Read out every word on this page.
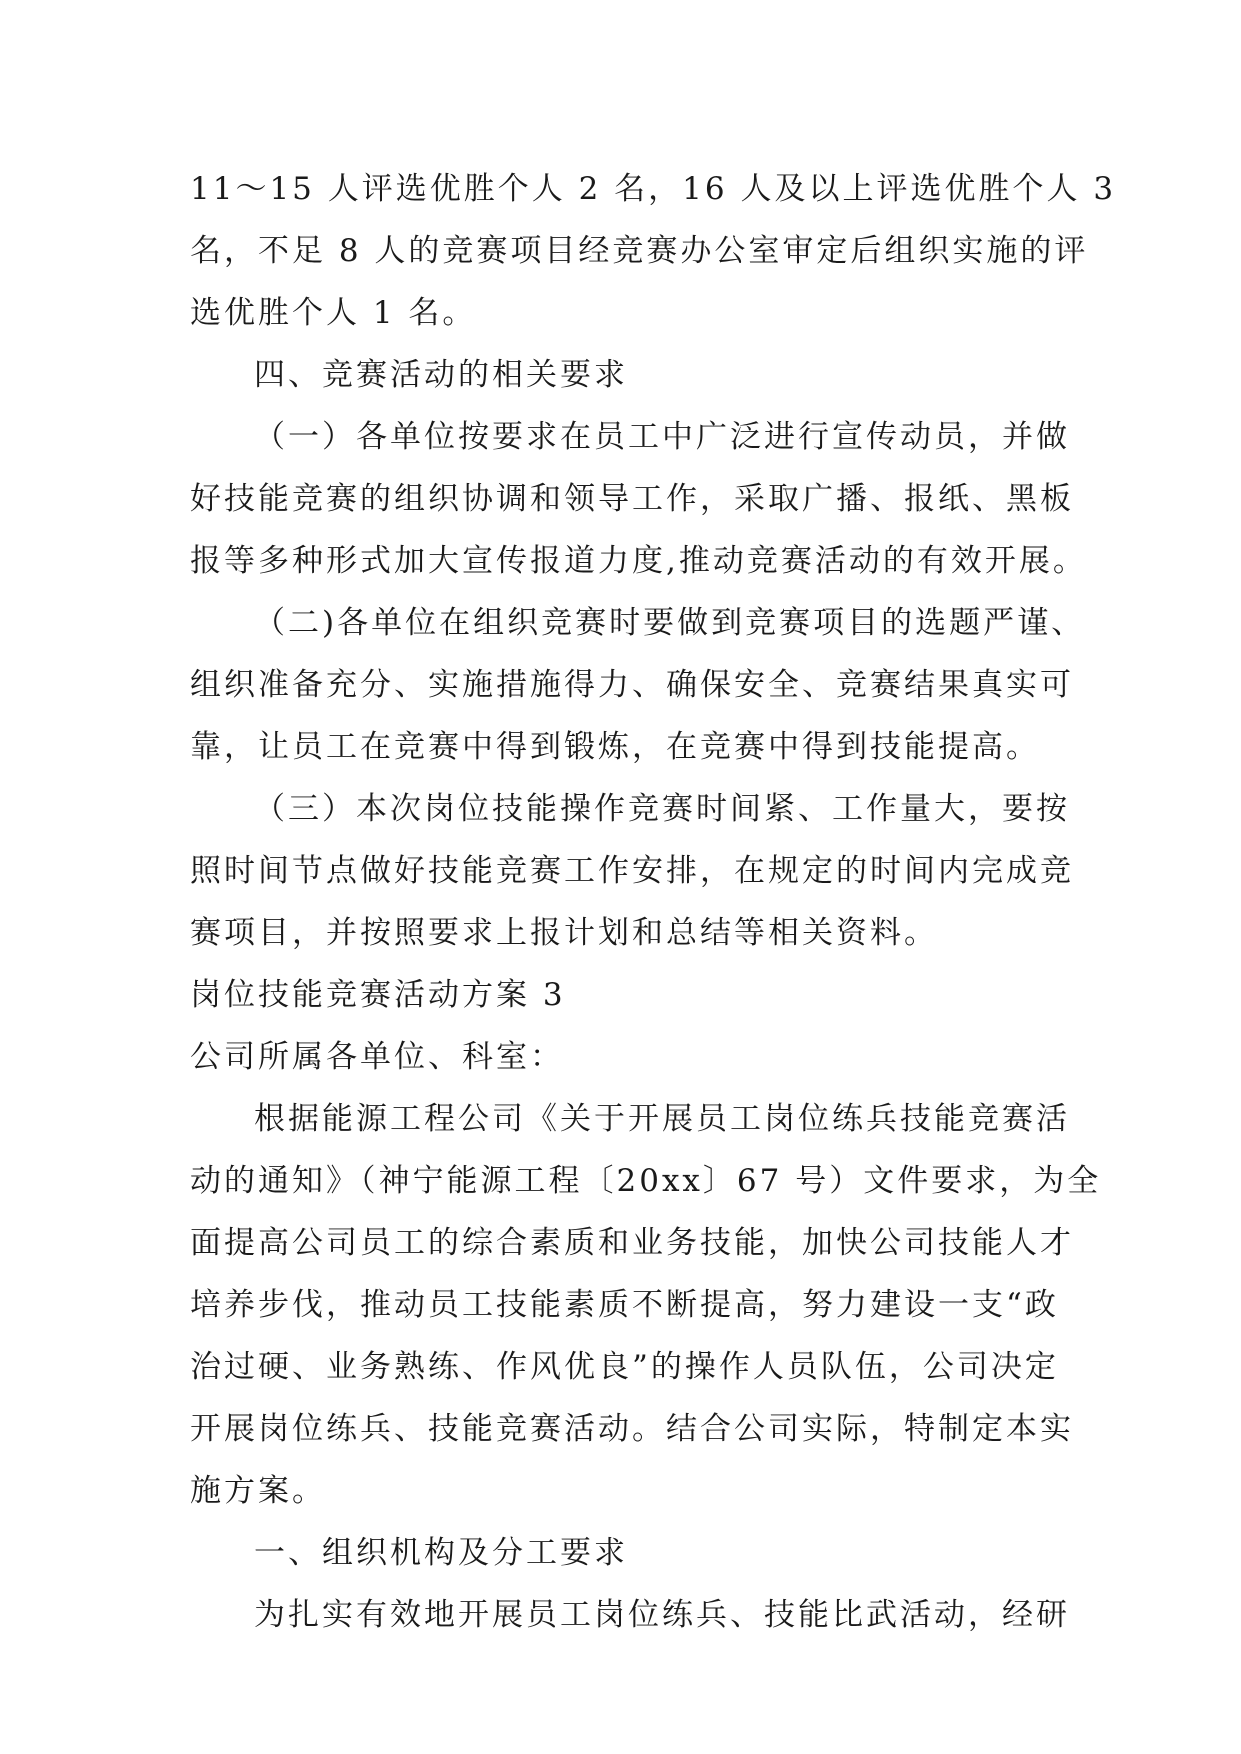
11～15 人评选优胜个人 2 名，16 人及以上评选优胜个人 3
名，不足 8 人的竞赛项目经竞赛办公室审定后组织实施的评
选优胜个人 1 名。
四、竞赛活动的相关要求
（一）各单位按要求在员工中广泛进行宣传动员，并做
好技能竞赛的组织协调和领导工作，采取广播、报纸、黑板
报等多种形式加大宣传报道力度,推动竞赛活动的有效开展。
（二)各单位在组织竞赛时要做到竞赛项目的选题严谨、
组织准备充分、实施措施得力、确保安全、竞赛结果真实可
靠，让员工在竞赛中得到锻炼，在竞赛中得到技能提高。
（三）本次岗位技能操作竞赛时间紧、工作量大，要按
照时间节点做好技能竞赛工作安排，在规定的时间内完成竞
赛项目，并按照要求上报计划和总结等相关资料。
岗位技能竞赛活动方案 3
公司所属各单位、科室：
根据能源工程公司《关于开展员工岗位练兵技能竞赛活
动的通知》（神宁能源工程〔20xx〕67 号）文件要求，为全
面提高公司员工的综合素质和业务技能，加快公司技能人才
培养步伐，推动员工技能素质不断提高，努力建设一支“政
治过硬、业务熟练、作风优良”的操作人员队伍，公司决定
开展岗位练兵、技能竞赛活动。结合公司实际，特制定本实
施方案。
一、组织机构及分工要求
为扎实有效地开展员工岗位练兵、技能比武活动，经研
